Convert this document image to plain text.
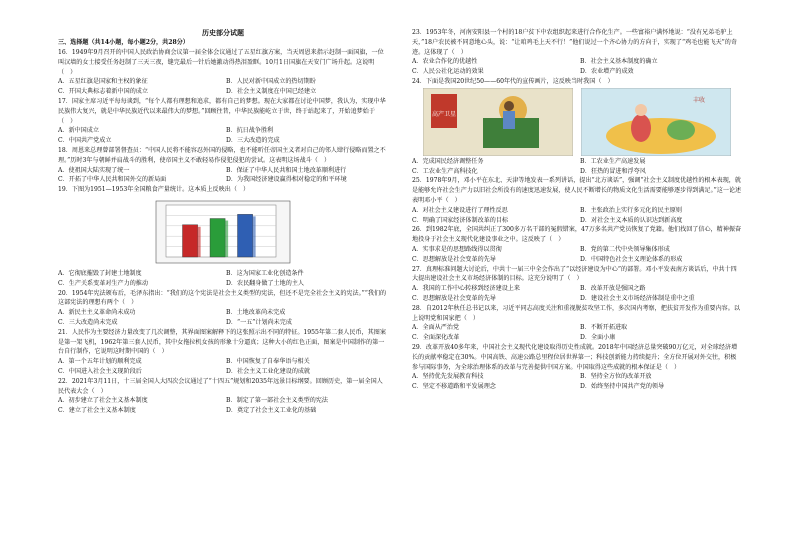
历史部分试题
三、选择题（共14小题，每小题2分，共28分）

16．1949年9月召开的中国人民政治协商会议第一届全体会议通过了五星红旗方案，当天周恩来指示赶制一面国旗，一位叫汉墙的女士接受任务赶制了三天三夜，缝完最后一针后她激动得热泪盈眶。10月1日国旗在天安门广场升起。这说明（　）

A．五星红旗是国家和主权的象征	B．人民对新中国成立的热切期盼
C．开国大典标志着新中国的成立	D．社会主义制度在中国已经建立

17．国家主席习近平每每谈到，“每个人都有理想和追求，都有自己的梦想。现在大家都在讨论中国梦，我认为，实现中华民族伟大复兴，就是中华民族近代以来最伟大的梦想。”回顾往昔，中华民族能屹立于世，终于站起来了，开始追梦始于（　）

A．新中国成立	B．抗日战争胜利
C．中国共产党成立	D．三大改造的完成

18．周恩来总理曾部署督查员：“中国人民将不能容忍外国的侵略，也不能听任帝国主义者对自己的邻人肆行侵略而置之不理。”历时3年与朝鲜并肩战斗的胜利，使帝国主义不敢轻易作侵犯侵犯的尝试。这表明这场战斗（　）

A．使祖国大陆实现了统一	B．保证了中华人民共和国土地改革顺利进行
C．开拓了中华人民共和国外交的新局面	D．为我国经济建设赢得相对稳定的和平环境

19．下图为1951—1953年全国粮食产量统计。这本质上反映出（　）

A．它彻底摧毁了封建土地制度	B．这为国家工业化创造条件
C．生产关系变革对生产力的推动	D．农民翻身做了土地的主人

20．1954年宪法颁布后，毛泽东指出：“我们的这个宪法是社会主义类型的宪法，但还不是完全社会主义的宪法。”“我们的这部宪法的理想有两个（　）

A．新民主主义革命尚未成功	B．土地改革尚未完成
C．三大改造尚未完成	D．“一五”计划尚未完成

21．人民作为主要经济力量改变了几次调整，其界面图案解释下的这张照示出不同的特征。1955年第二套人民币，其图案是第一架飞机，1962年第三套人民币，其中女拖拉机女孩的形象十分逼真；这种大小的红色正面，图案是中国制作的第一台自行制作，它说明这时期中国的（　）

A．第一个五年计划的顺利完成	B．中国恢复了自奉华语与相关
C．中国进入社会主义现阶段后	D．社会主义工业化建设的成就

22．2021年3月11日，十三届全国人大四次会议通过了“十四五”规划和2035年远景目标纲要。回顾历史，第一届全国人民代表大会（　）

A．初步建立了社会主义基本制度	B．制定了第一部社会主义类型的宪法
C．建立了社会主义基本制度	D．奠定了社会主义工业化的基础

23．1953年冬，河南安阳县一个村的18户贫下中农组织起来进行合作化生产。一些富裕户满怀地说：“没有兄弟毛驴上天，”18户农民被不同意地心头，说：“让咱鸡毛上天不行！”他们说过一个齐心协力的方向于，实现了“鸡毛也能飞天”的奇迹。这体现了（　）

A．农业合作化的优越性	B．社会主义基本制度的确立
C．人民公社化运动的效果	D．农业增产的成效

24．下面是我国20世纪50——60年代的宣传画片，这反映当时我国（　）

高产卫星
丰收
A．完成国民经济调整任务	B．工农业生产高速发展
C．工农业生产高科技化	D．狂热的冒进和浮夸风

25．1978年9月，邓小平在东北、天津等地发表一系列讲话，提出“北方谈话”，强调“社会主义制度优越性的根本表现，就是能够允许社会生产力以旧社会所没有的速度迅速发展，使人民不断增长的物质文化生活需要能够逐步得到满足。”这一论述表明邓小平（　）

A．对社会主义建设进行了理性反思	B．主张政治上实行多元化的民主原则
C．明确了国家经济体制改革的目标	D．对社会主义本质的认识达到新高度

26．到1982年底，全国共纠正了300多万名干部的冤假错案，47万多名共产党员恢复了党籍。他们找回了信心，精神振奋地投身于社会主义现代化建设事业之中。这反映了（　）

A．实事求是的思想路线得以贯彻	B．党的第二代中央领导集体形成
C．思想解放是社会变革的先导	D．中国特色社会主义理论体系的形成

27．真理标准问题大讨论后，中共十一届三中全会作出了“以经济建设为中心”的部署。邓小平发表南方谈话后，中共十四大提出建设社会主义市场经济体制的目标。这充分说明了（　）

A．我国的工作中心转移到经济建设上来	B．改革开放是强国之路
C．思想解放是社会变革的先导	D．建设社会主义市场经济体制是重中之重

28．自2012年秋任总书记以来，习近平同志高度关注和重视脱贫攻坚工作，多次国内考察，把扶贫开发作为重要内容。以上说明党和国家把（　）

A．全面从严治党	B．不断开拓进取
C．全面深化改革	D．全面小康

29．改革开放40多年来，中国社会主义现代化建设取得历史性成就。2018年中国经济总量突破90万亿元，对全球经济增长的贡献率稳定在30%。中国高铁、高速公路总里程位居世界第一；科技创新能力持续提升；全方位开展对外交往，积极参与国际事务，为全球治理体系的改革与完善提供中国方案。中国取得这些成就的根本保证是（　）

A．坚持优先发展教育科技	B．坚持全方位的改革开放
C．坚定不移道路和平发展理念	D．始终坚持中国共产党的领导
